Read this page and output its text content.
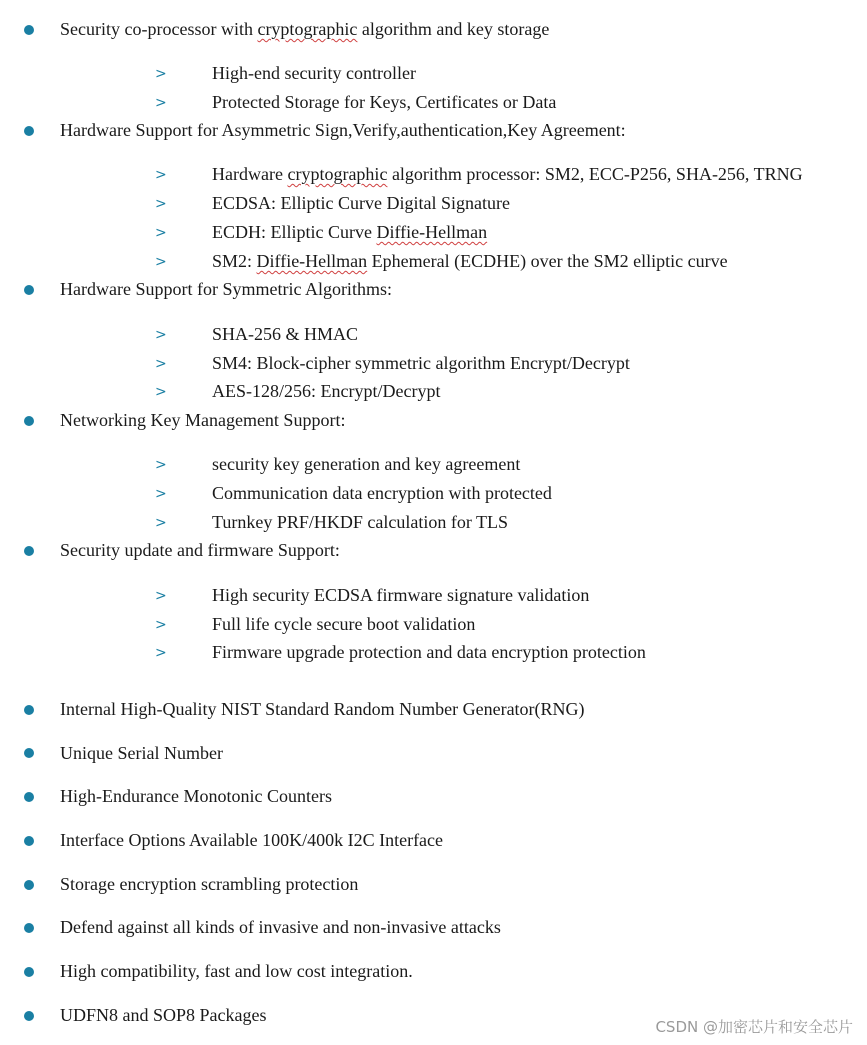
Security co-processor with cryptographic algorithm and key storage
>	High-end security controller
>	Protected Storage for Keys, Certificates or Data
Hardware Support for Asymmetric Sign,Verify,authentication,Key Agreement:
>	Hardware cryptographic algorithm processor: SM2, ECC-P256, SHA-256, TRNG
>	ECDSA: Elliptic Curve Digital Signature
>	ECDH: Elliptic Curve Diffie-Hellman
>	SM2: Diffie-Hellman Ephemeral (ECDHE) over the SM2 elliptic curve
Hardware Support for Symmetric Algorithms:
>	SHA-256 & HMAC
>	SM4: Block-cipher symmetric algorithm Encrypt/Decrypt
>	AES-128/256: Encrypt/Decrypt
Networking Key Management Support:
>	security key generation and key agreement
>	Communication data encryption with protected
>	Turnkey PRF/HKDF calculation for TLS
Security update and firmware Support:
>	High security ECDSA firmware signature validation
>	Full life cycle secure boot validation
>	Firmware upgrade protection and data encryption protection
Internal High-Quality NIST Standard Random Number Generator(RNG)
Unique Serial Number
High-Endurance Monotonic Counters
Interface Options Available 100K/400k I2C Interface
Storage encryption scrambling protection
Defend against all kinds of invasive and non-invasive attacks
High compatibility, fast and low cost integration.
UDFN8 and SOP8 Packages
CSDN @加密芯片和安全芯片
